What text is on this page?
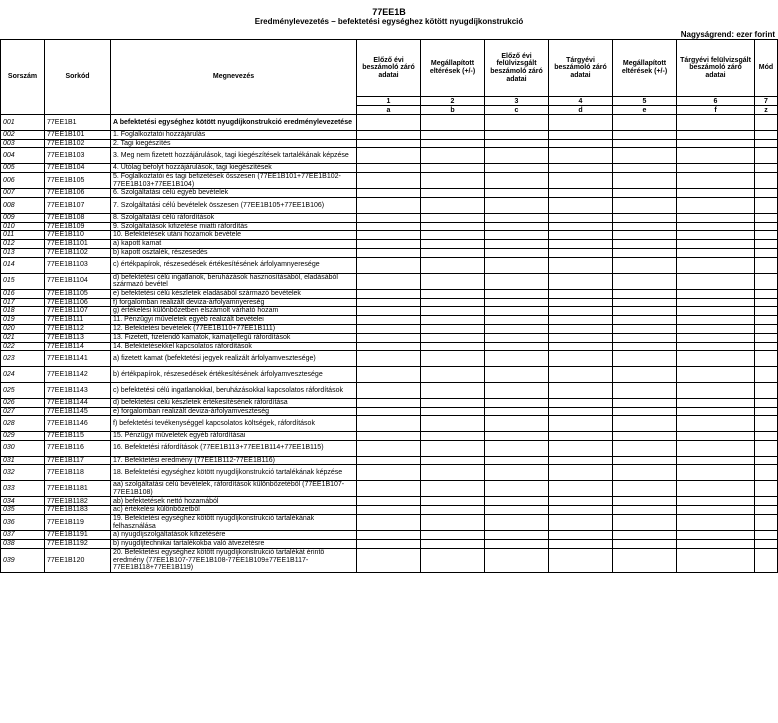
77EE1B
Eredménylevezetés – befektetési egységhez kötött nyugdíjkonstrukció
Nagyságrend: ezer forint
Sorszám	Sorkód	Megnevezés	Előző évi beszámoló záró adatai	Megállapított eltérések (+/-)	Előző évi felülvizsgált beszámoló záró adatai	Tárgyévi beszámoló záró adatai	Megállapított eltérések (+/-)	Tárgyévi felülvizsgált beszámoló záró adatai	Mód
			1	2	3	4	5	6	7
			a	b	c	d	e	f	z
001	77EE1B1	A befektetési egységhez kötött nyugdíjkonstrukció eredménylevezetése							
002	77EE1B101	1. Foglalkoztatói hozzájárulás							
003	77EE1B102	2. Tagi kiegészítés							
004	77EE1B103	3. Meg nem fizetett hozzájárulások, tagi kiegészítések tartalékának képzése							
005	77EE1B104	4. Utólag befolyt hozzájárulások, tagi kiegészítések							
006	77EE1B105	5. Foglalkoztatói és tagi befizetések összesen (77EE1B101+77EE1B102-77EE1B103+77EE1B104)							
007	77EE1B106	6. Szolgáltatási célú egyéb bevételek							
008	77EE1B107	7. Szolgáltatási célú bevételek összesen (77EE1B105+77EE1B106)							
009	77EE1B108	8. Szolgáltatási célú ráfordítások							
010	77EE1B109	9. Szolgáltatások kifizetése miatti ráfordítás							
011	77EE1B110	10. Befektetések utáni hozamok bevétele							
012	77EE1B1101	a) kapott kamat							
013	77EE1B1102	b) kapott osztalék, részesedés							
014	77EE1B1103	c) értékpapírok, részesedések értékesítésének árfolyamnyeresége							
015	77EE1B1104	d) befektetési célú ingatlanok, beruházások hasznosításából, eladásából származó bevétel							
016	77EE1B1105	e) befektetési célú készletek eladásából származó bevételek							
017	77EE1B1106	f) forgalomban realizált deviza-árfolyamnyereség							
018	77EE1B1107	g) értékelési különbözetben elszámolt várható hozam							
019	77EE1B111	11. Pénzügyi műveletek egyéb realizált bevételei							
020	77EE1B112	12. Befektetési bevételek (77EE1B110+77EE1B111)							
021	77EE1B113	13. Fizetett, fizetendő kamatok, kamatjellegű ráfordítások							
022	77EE1B114	14. Befektetésekkel kapcsolatos ráfordítások							
023	77EE1B1141	a) fizetett kamat (befektetési jegyek realizált árfolyamvesztesége)							
024	77EE1B1142	b) értékpapírok, részesedések értékesítésének árfolyamvesztesége							
025	77EE1B1143	c) befektetési célú ingatlanokkal, beruházásokkal kapcsolatos ráfordítások							
026	77EE1B1144	d) befektetési célú készletek értékesítésének ráfordítása							
027	77EE1B1145	e) forgalomban realizált deviza-árfolyamveszteség							
028	77EE1B1146	f) befektetési tevékenységgel kapcsolatos költségek, ráfordítások							
029	77EE1B115	15. Pénzügyi műveletek egyéb ráfordításai							
030	77EE1B116	16. Befektetési ráfordítások (77EE1B113+77EE1B114+77EE1B115)							
031	77EE1B117	17. Befektetési eredmény (77EE1B112-77EE1B116)							
032	77EE1B118	18. Befektetési egységhez kötött nyugdíjkonstrukció tartalékának képzése							
033	77EE1B1181	aa) szolgáltatási célú bevételek, ráfordítások különbözetéből (77EE1B107-77EE1B108)							
034	77EE1B1182	ab) befektetések nettó hozamából							
035	77EE1B1183	ac) értékelési különbözetből							
036	77EE1B119	19. Befektetési egységhez kötött nyugdíjkonstrukció tartalékának felhasználása							
037	77EE1B1191	a) nyugdíjszolgáltatások kifizetésére							
038	77EE1B1192	b) nyugdíjtechnikai tartalékokba való átvezetésre							
039	77EE1B120	20. Befektetési egységhez kötött nyugdíjkonstrukció tartalékát érintő eredmény (77EE1B107-77EE1B108-77EE1B109±77EE1B117-77EE1B118+77EE1B119)							
